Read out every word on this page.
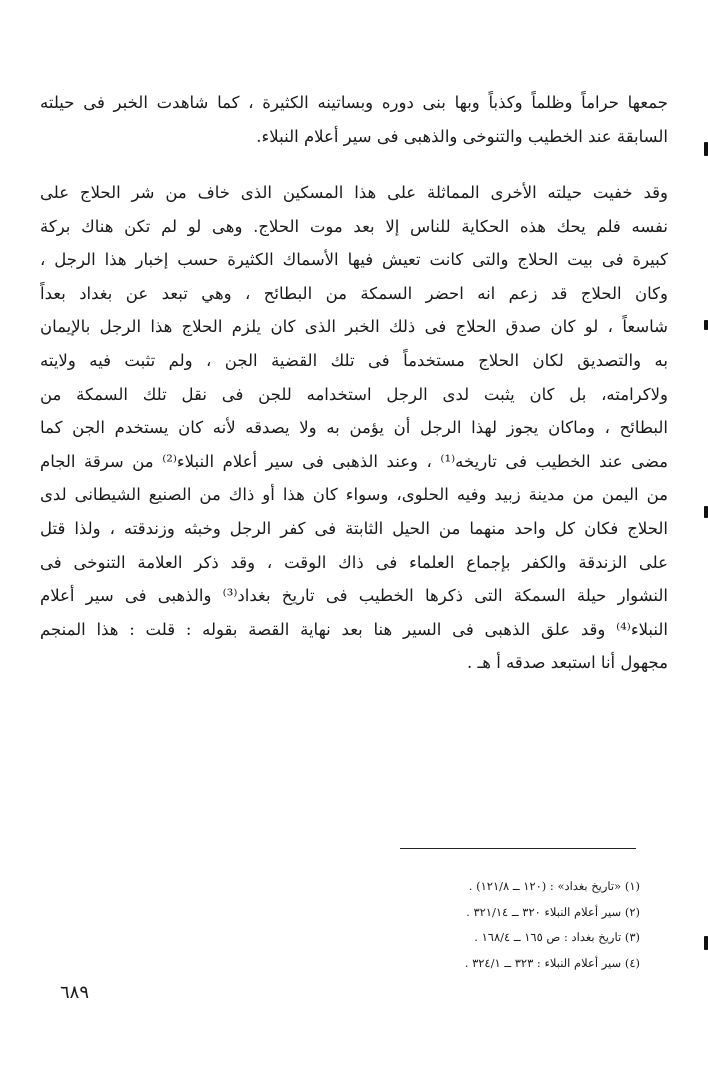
جمعها حراماً وظلماً وكذباً وبها بنى دوره وبساتينه الكثيرة ، كما شاهدت الخبر فى حيلته
السابقة عند الخطيب والتنوخى والذهبى فى سير أعلام النبلاء.
وقد خفيت حيلته الأخرى المماثلة على هذا المسكين الذى خاف من شر الحلاج على
نفسه فلم يحك هذه الحكاية للناس إلا بعد موت الحلاج. وهى لو لم تكن هناك بركة
كبيرة فى بيت الحلاج والتى كانت تعيش فيها الأسماك الكثيرة حسب إخبار هذا الرجل ،
وكان الحلاج قد زعم انه احضر السمكة من البطائح ، وهي تبعد عن بغداد بعداً
شاسعاً ، لو كان صدق الحلاج فى ذلك الخبر الذى كان يلزم الحلاج هذا الرجل بالإيمان
به والتصديق لكان الحلاج مستخدماً فى تلك القضية الجن ، ولم تثبت فيه ولايته
ولاكرامته، بل كان يثبت لدى الرجل استخدامه للجن فى نقل تلك السمكة من
البطائح ، وماكان يجوز لهذا الرجل أن يؤمن به ولا يصدقه لأنه كان يستخدم الجن كما
مضى عند الخطيب فى تاريخه⁽¹⁾ ، وعند الذهبى فى سير أعلام النبلاء⁽²⁾ من سرقة الجام
من اليمن من مدينة زبيد وفيه الحلوى، وسواء كان هذا أو ذاك من الصنيع الشيطانى لدى
الحلاج فكان كل واحد منهما من الحيل الثابتة فى كفر الرجل وخبثه وزندقته ، ولذا قتل
على الزندقة والكفر بإجماع العلماء فى ذاك الوقت ، وقد ذكر العلامة التنوخى فى
النشوار حيلة السمكة التى ذكرها الخطيب فى تاريخ بغداد⁽³⁾ والذهبى فى سير أعلام
النبلاء⁽⁴⁾ وقد علق الذهبى فى السير هنا بعد نهاية القصة بقوله : قلت : هذا المنجم
مجهول أنا استبعد صدقه أ هـ .
(١) «تاريخ بغداد» : (١٢٠ ــ ١٢١/٨) .
(٢) سير أعلام النبلاء ٣٢٠ ــ ٣٢١/١٤ .
(٣) تاريخ بغداد : ص ١٦٥ ــ ١٦٨/٤ .
(٤) سير أعلام النبلاء : ٣٢٣ ــ ٣٢٤/١ .
٦٨٩
